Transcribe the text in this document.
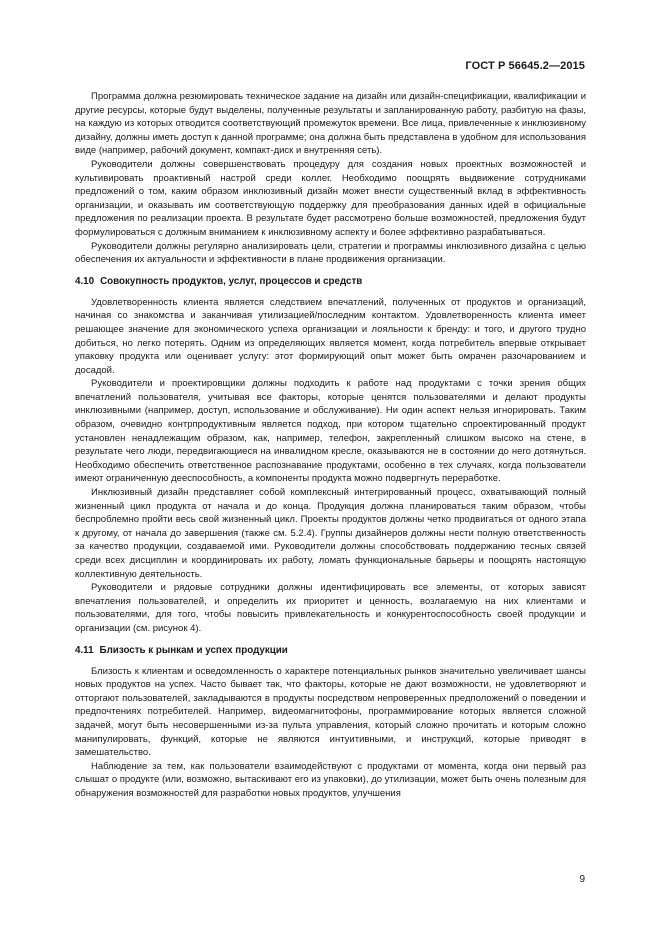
ГОСТ Р 56645.2—2015

Программа должна резюмировать техническое задание на дизайн или дизайн-спецификации, квалификации и другие ресурсы, которые будут выделены, полученные результаты и запланированную работу, разбитую на фазы, на каждую из которых отводится соответствующий промежуток времени. Все лица, привлеченные к инклюзивному дизайну, должны иметь доступ к данной программе; она должна быть представлена в удобном для использования виде (например, рабочий документ, компакт-диск и внутренняя сеть).

Руководители должны совершенствовать процедуру для создания новых проектных возможностей и культивировать проактивный настрой среди коллег. Необходимо поощрять выдвижение сотрудниками предложений о том, каким образом инклюзивный дизайн может внести существенный вклад в эффективность организации, и оказывать им соответствующую поддержку для преобразования данных идей в официальные предложения по реализации проекта. В результате будет рассмотрено больше возможностей, предложения будут формулироваться с должным вниманием к инклюзивному аспекту и более эффективно разрабатываться.

Руководители должны регулярно анализировать цели, стратегии и программы инклюзивного дизайна с целью обеспечения их актуальности и эффективности в плане продвижения организации.

4.10 Совокупность продуктов, услуг, процессов и средств

Удовлетворенность клиента является следствием впечатлений, полученных от продуктов и организаций, начиная со знакомства и заканчивая утилизацией/последним контактом. Удовлетворенность клиента имеет решающее значение для экономического успеха организации и лояльности к бренду: и того, и другого трудно добиться, но легко потерять. Одним из определяющих является момент, когда потребитель впервые открывает упаковку продукта или оценивает услугу: этот формирующий опыт может быть омрачен разочарованием и досадой.

Руководители и проектировщики должны подходить к работе над продуктами с точки зрения общих впечатлений пользователя, учитывая все факторы, которые ценятся пользователями и делают продукты инклюзивными (например, доступ, использование и обслуживание). Ни один аспект нельзя игнорировать. Таким образом, очевидно контрпродуктивным является подход, при котором тщательно спроектированный продукт установлен ненадлежащим образом, как, например, телефон, закрепленный слишком высоко на стене, в результате чего люди, передвигающиеся на инвалидном кресле, оказываются не в состоянии до него дотянуться. Необходимо обеспечить ответственное распознавание продуктами, особенно в тех случаях, когда пользователи имеют ограниченную дееспособность, а компоненты продукта можно подвергнуть переработке.

Инклюзивный дизайн представляет собой комплексный интегрированный процесс, охватывающий полный жизненный цикл продукта от начала и до конца. Продукция должна планироваться таким образом, чтобы беспроблемно пройти весь свой жизненный цикл. Проекты продуктов должны четко продвигаться от одного этапа к другому, от начала до завершения (также см. 5.2.4). Группы дизайнеров должны нести полную ответственность за качество продукции, создаваемой ими. Руководители должны способствовать поддержанию тесных связей среди всех дисциплин и координировать их работу, ломать функциональные барьеры и поощрять настоящую коллективную деятельность.

Руководители и рядовые сотрудники должны идентифицировать все элементы, от которых зависят впечатления пользователей, и определить их приоритет и ценность, возлагаемую на них клиентами и пользователями, для того, чтобы повысить привлекательность и конкурентоспособность своей продукции и организации (см. рисунок 4).

4.11 Близость к рынкам и успех продукции

Близость к клиентам и осведомленность о характере потенциальных рынков значительно увеличивает шансы новых продуктов на успех. Часто бывает так, что факторы, которые не дают возможности, не удовлетворяют и отторгают пользователей, закладываются в продукты посредством непроверенных предположений о поведении и предпочтениях потребителей. Например, видеомагнитофоны, программирование которых является сложной задачей, могут быть несовершенными из-за пульта управления, который сложно прочитать и которым сложно манипулировать, функций, которые не являются интуитивными, и инструкций, которые приводят в замешательство.

Наблюдение за тем, как пользователи взаимодействуют с продуктами от момента, когда они первый раз слышат о продукте (или, возможно, вытаскивают его из упаковки), до утилизации, может быть очень полезным для обнаружения возможностей для разработки новых продуктов, улучшения

9
